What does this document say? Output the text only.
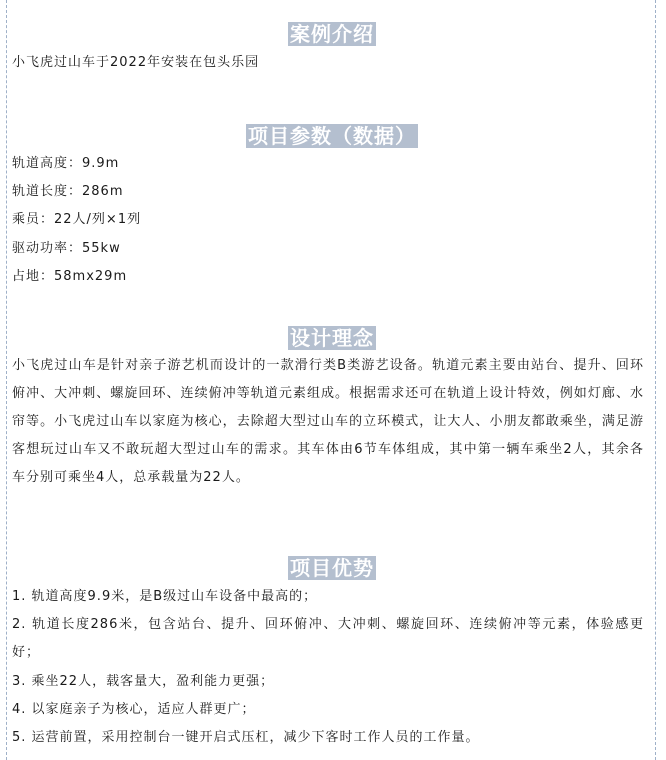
案例介绍
小飞虎过山车于2022年安装在包头乐园
项目参数（数据）
轨道高度：9.9m
轨道长度：286m
乘员：22人/列×1列
驱动功率：55kw
占地：58mx29m
设计理念
小飞虎过山车是针对亲子游艺机而设计的一款滑行类B类游艺设备。轨道元素主要由站台、提升、回环俯冲、大冲刺、螺旋回环、连续俯冲等轨道元素组成。根据需求还可在轨道上设计特效，例如灯廊、水帘等。小飞虎过山车以家庭为核心，去除超大型过山车的立环模式，让大人、小朋友都敢乘坐，满足游客想玩过山车又不敢玩超大型过山车的需求。其车体由6节车体组成，其中第一辆车乘坐2人，其余各车分别可乘坐4人，总承载量为22人。
项目优势
1. 轨道高度9.9米，是B级过山车设备中最高的；
2. 轨道长度286米，包含站台、提升、回环俯冲、大冲刺、螺旋回环、连续俯冲等元素，体验感更好；
3. 乘坐22人，载客量大，盈利能力更强；
4. 以家庭亲子为核心，适应人群更广；
5. 运营前置，采用控制台一键开启式压杠，减少下客时工作人员的工作量。
